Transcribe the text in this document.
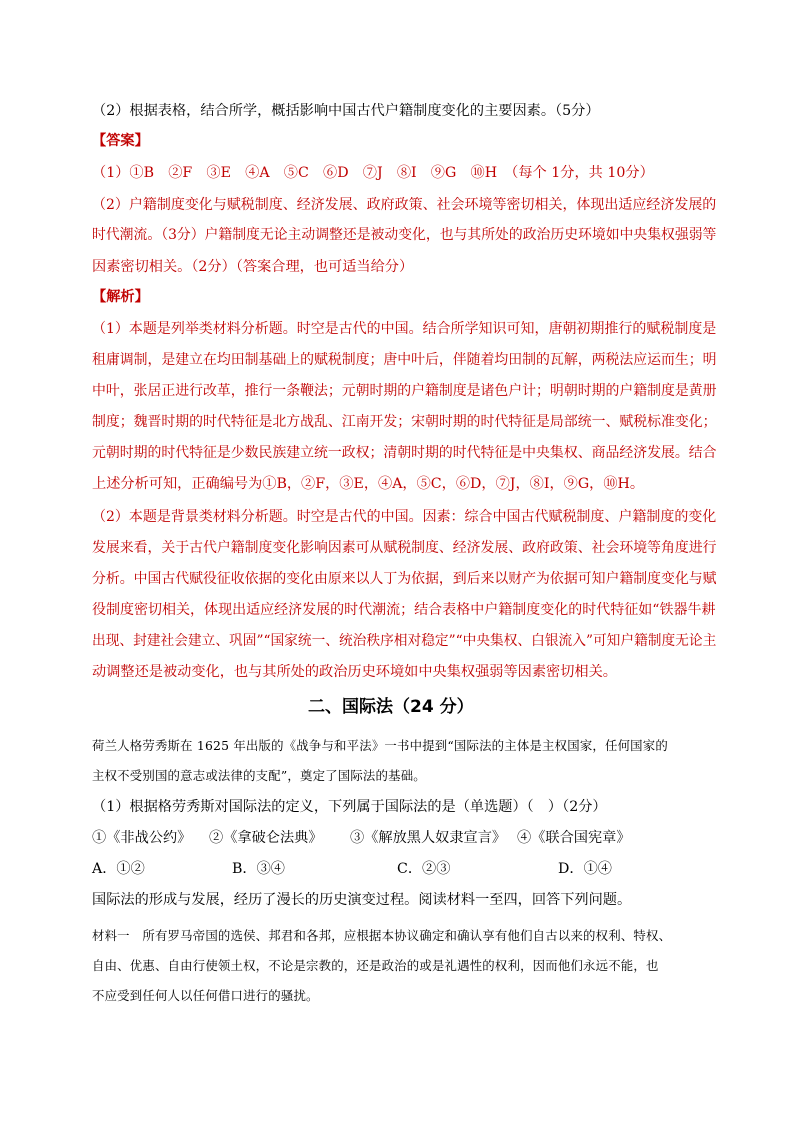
（2）根据表格，结合所学，概括影响中国古代户籍制度变化的主要因素。（5分）
【答案】
（1）①B　②F　③E　④A　⑤C　⑥D　⑦J　⑧I　⑨G　⑩H　（每个 1分，共 10分）
（2）户籍制度变化与赋税制度、经济发展、政府政策、社会环境等密切相关，体现出适应经济发展的
时代潮流。（3分）户籍制度无论主动调整还是被动变化，也与其所处的政治历史环境如中央集权强弱等
因素密切相关。（2分）（答案合理，也可适当给分）
【解析】
（1）本题是列举类材料分析题。时空是古代的中国。结合所学知识可知，唐朝初期推行的赋税制度是
租庸调制，是建立在均田制基础上的赋税制度；唐中叶后，伴随着均田制的瓦解，两税法应运而生；明
中叶，张居正进行改革，推行一条鞭法；元朝时期的户籍制度是诸色户计；明朝时期的户籍制度是黄册
制度；魏晋时期的时代特征是北方战乱、江南开发；宋朝时期的时代特征是局部统一、赋税标准变化；
元朝时期的时代特征是少数民族建立统一政权；清朝时期的时代特征是中央集权、商品经济发展。结合
上述分析可知，正确编号为①B，②F，③E，④A，⑤C，⑥D，⑦J，⑧I，⑨G，⑩H。
（2）本题是背景类材料分析题。时空是古代的中国。因素：综合中国古代赋税制度、户籍制度的变化
发展来看，关于古代户籍制度变化影响因素可从赋税制度、经济发展、政府政策、社会环境等角度进行
分析。中国古代赋役征收依据的变化由原来以人丁为依据，到后来以财产为依据可知户籍制度变化与赋
役制度密切相关，体现出适应经济发展的时代潮流；结合表格中户籍制度变化的时代特征如“铁器牛耕
出现、封建社会建立、巩固”“国家统一、统治秩序相对稳定”“中央集权、白银流入”可知户籍制度无论主
动调整还是被动变化，也与其所处的政治历史环境如中央集权强弱等因素密切相关。
二、国际法（24 分）
荷兰人格劳秀斯在 1625 年出版的《战争与和平法》一书中提到“国际法的主体是主权国家，任何国家的
主权不受别国的意志或法律的支配”，奠定了国际法的基础。
（1）根据格劳秀斯对国际法的定义，下列属于国际法的是（单选题）（　）（2分）
①《非战公约》 ②《拿破仑法典》 ③《解放黑人奴隶宣言》 ④《联合国宪章》
A．①②	B．③④	C．②③	D．①④
国际法的形成与发展，经历了漫长的历史演变过程。阅读材料一至四，回答下列问题。
材料一　所有罗马帝国的选侯、邦君和各邦，应根据本协议确定和确认享有他们自古以来的权利、特权、
自由、优惠、自由行使领土权，不论是宗教的，还是政治的或是礼遇性的权利，因而他们永远不能，也
不应受到任何人以任何借口进行的骚扰。
